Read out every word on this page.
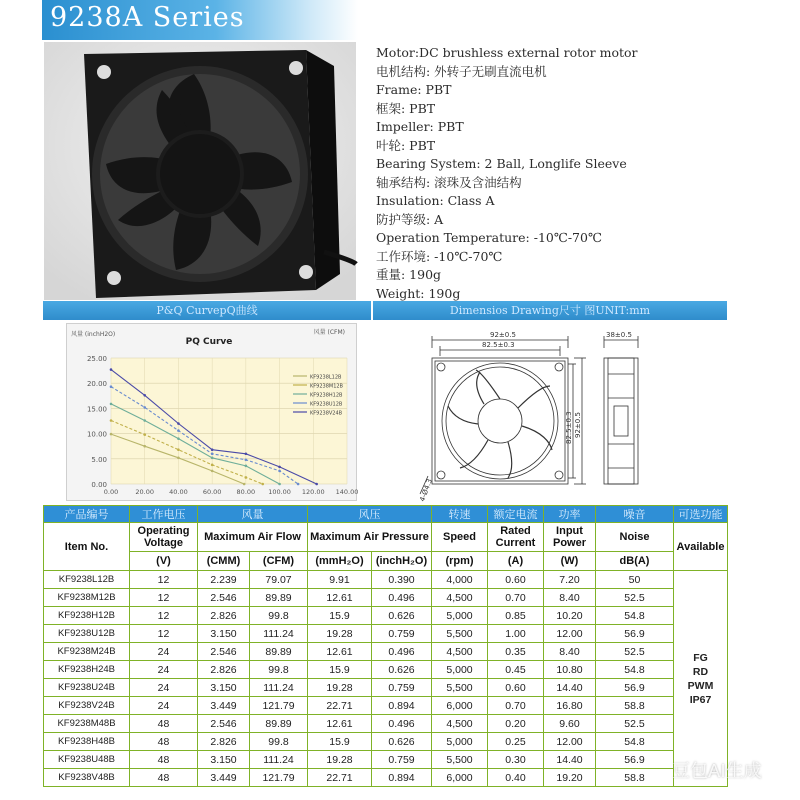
9238A Series
Motor:DC brushless external rotor motor
电机结构: 外转子无刷直流电机
Frame: PBT
框架: PBT
Impeller: PBT
叶轮: PBT
Bearing System: 2 Ball, Longlife Sleeve
轴承结构: 滚珠及含油结构
Insulation: Class A
防护等级: A
Operation Temperature: -10℃-70℃
工作环境: -10℃-70℃
重量: 190g
Weight: 190g
P&Q CurvepQ曲线	Dimensios Drawing尺寸 图UNIT:mm
0.00
5.00
10.00
15.00
20.00
25.00
0.00	20.00 40.00 60.00 80.00 100.00 120.00 140.00
PQ Curve
风量 (inchH2O)	风量 (CFM)
KF9238L12B
KF9238M12B
KF9238H12B
KF9238U12B
KF9238V24B
92±0.5
82.5±0.3
92±0.5
82.5±0.3
38±0.5
4-Ø4.3
产品编号	工作电压	风量		风压		转速	额定电流	功率	噪音	可选功能
Item No.	Operating Voltage	Maximum Air Flow		Maximum Air Pressure		Speed	Rated Current	Input Power	Noise	Available
	(V)	(CMM)	(CFM)	(mmH₂O)	(inchH₂O)	(rpm)	(A)	(W)	dB(A)	
KF9238L12B	12	2.239	79.07	9.91	0.390	4,000	0.60	7.20	50	FG
RD
PWM
IP67

KF9238M12B	12	2.546	89.89	12.61	0.496	4,500	0.70	8.40	52.5	
KF9238H12B	12	2.826	99.8	15.9	0.626	5,000	0.85	10.20	54.8	
KF9238U12B	12	3.150	111.24	19.28	0.759	5,500	1.00	12.00	56.9	
KF9238M24B	24	2.546	89.89	12.61	0.496	4,500	0.35	8.40	52.5	
KF9238H24B	24	2.826	99.8	15.9	0.626	5,000	0.45	10.80	54.8	
KF9238U24B	24	3.150	111.24	19.28	0.759	5,500	0.60	14.40	56.9	
KF9238V24B	24	3.449	121.79	22.71	0.894	6,000	0.70	16.80	58.8	
KF9238M48B	48	2.546	89.89	12.61	0.496	4,500	0.20	9.60	52.5	
KF9238H48B	48	2.826	99.8	15.9	0.626	5,000	0.25	12.00	54.8	
KF9238U48B	48	3.150	111.24	19.28	0.759	5,500	0.30	14.40	56.9	
KF9238V48B	48	3.449	121.79	22.71	0.894	6,000	0.40	19.20	58.8	豆包AI生成
